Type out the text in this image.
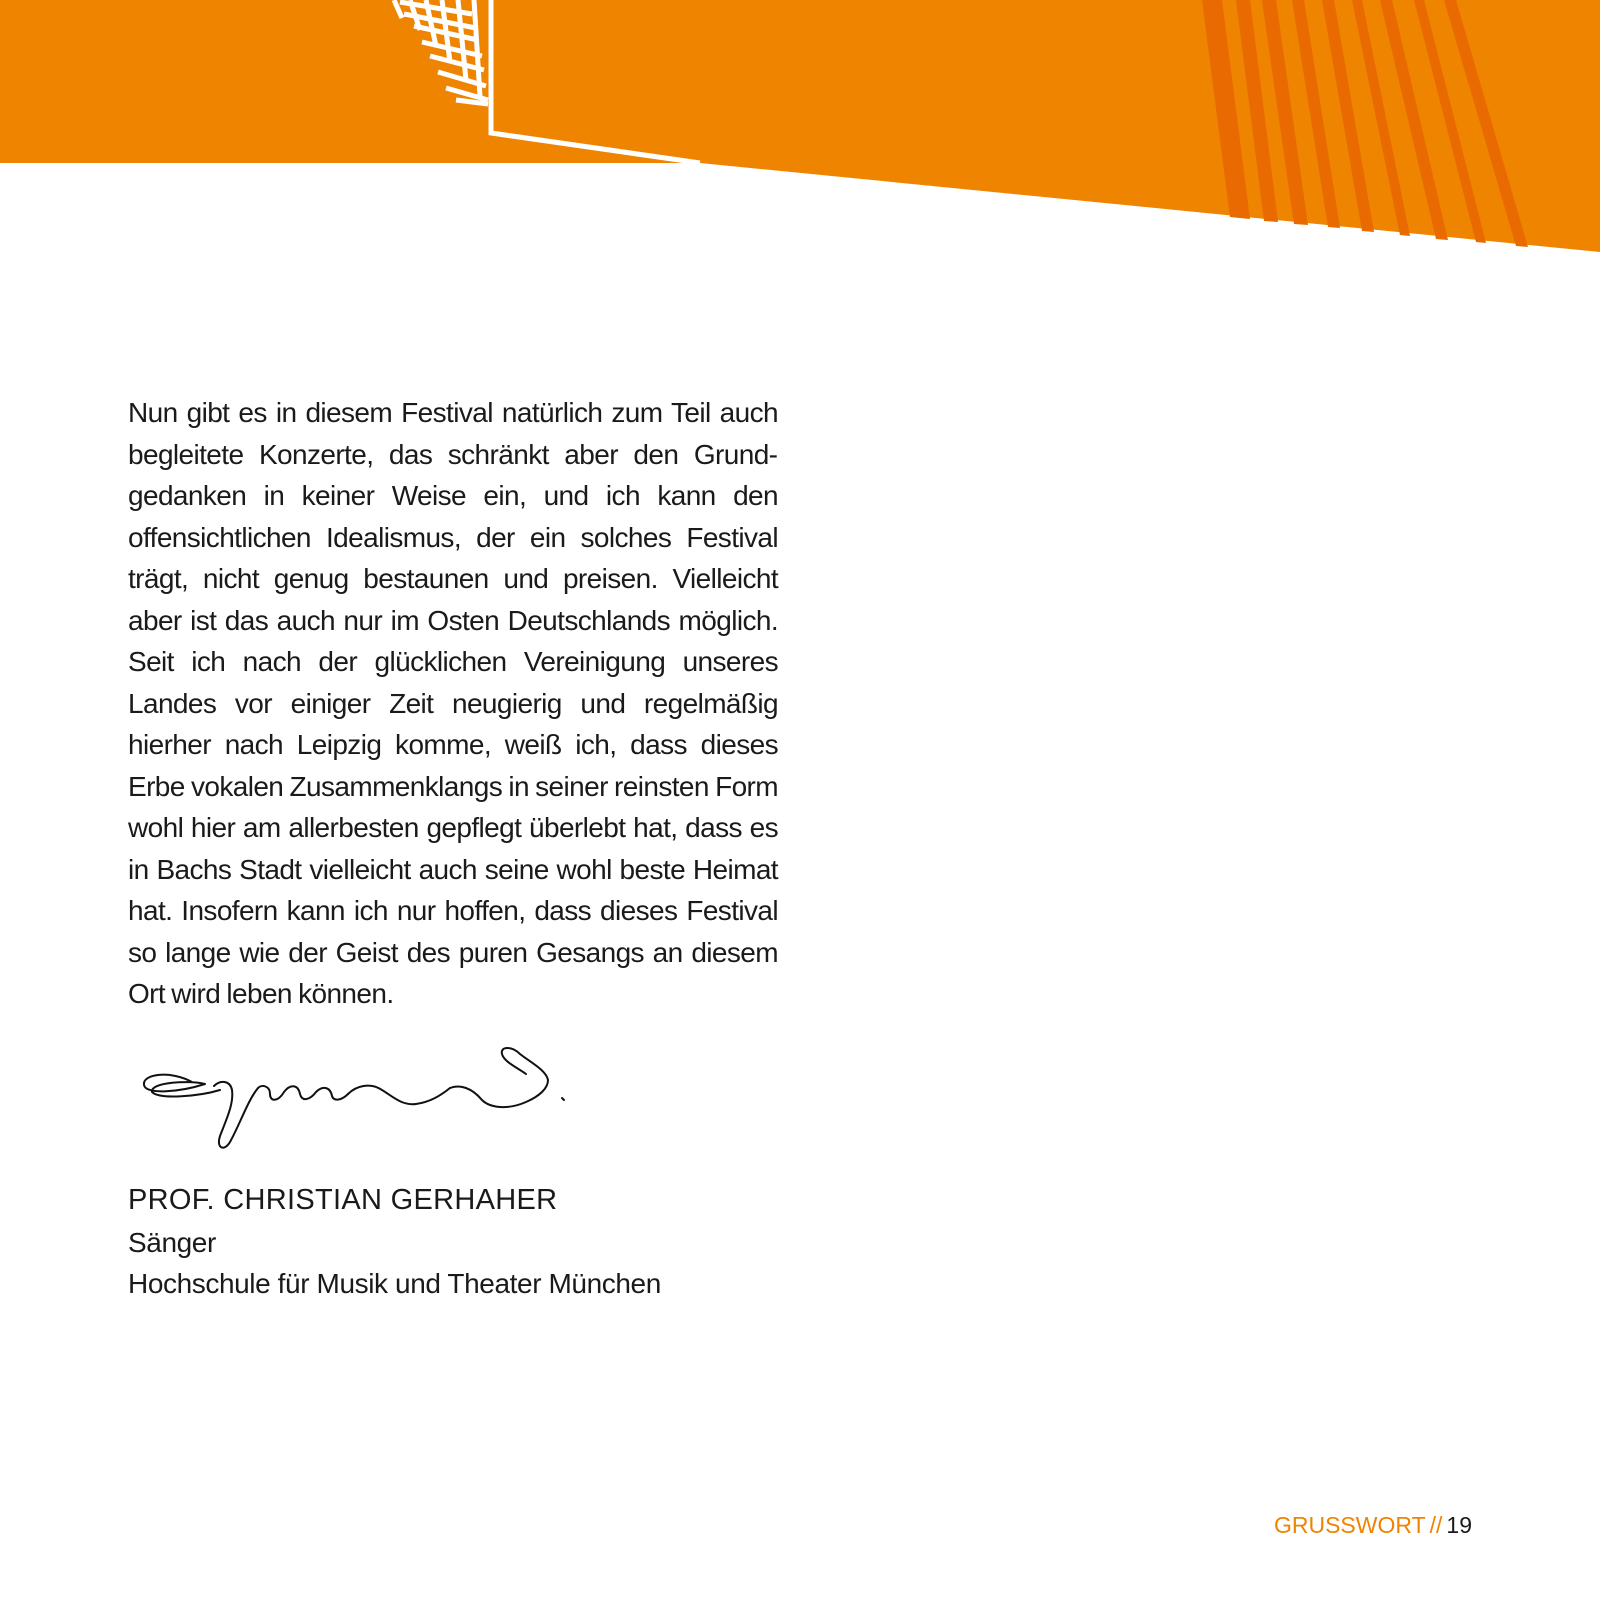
Nun gibt es in diesem Festival natürlich zum Teil auch begleitete Konzerte, das schränkt aber den Grundgedanken in keiner Weise ein, und ich kann den offensichtlichen Idealismus, der ein solches Festival trägt, nicht genug bestaunen und preisen. Vielleicht aber ist das auch nur im Osten Deutschlands möglich. Seit ich nach der glücklichen Vereinigung unseres Landes vor einiger Zeit neugierig und regelmäßig hierher nach Leipzig komme, weiß ich, dass dieses Erbe vokalen Zusammenklangs in seiner reinsten Form wohl hier am allerbesten gepflegt überlebt hat, dass es in Bachs Stadt vielleicht auch seine wohl beste Heimat hat. Insofern kann ich nur hoffen, dass dieses Festival so lange wie der Geist des puren Gesangs an diesem Ort wird leben können.

PROF. CHRISTIAN GERHAHER
Sänger
Hochschule für Musik und Theater München
GRUSSWORT // 19
